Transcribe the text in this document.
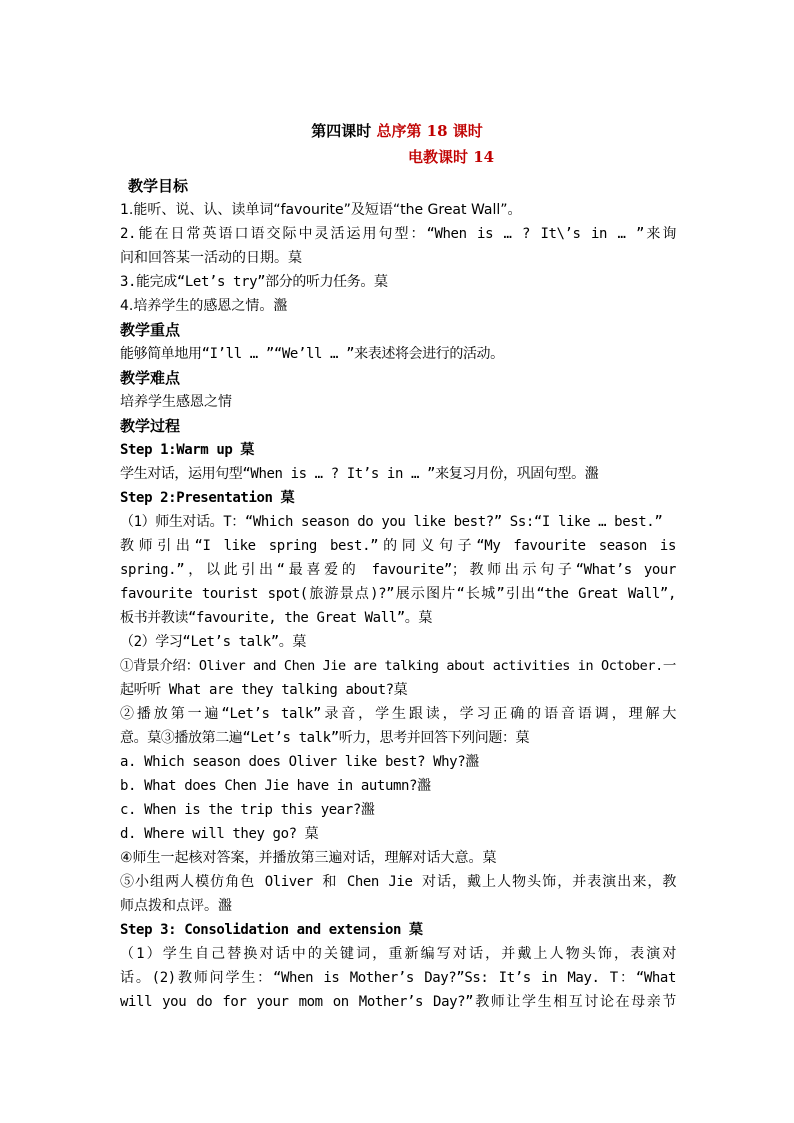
第四课时 总序第 18 课时
电教课时 14
教学目标
1.能听、说、认、读单词“favourite”及短语“the Great Wall”。
2.能在日常英语口语交际中灵活运用句型：“When is … ? It\’s in … ”来询
问和回答某一活动的日期。菒
3.能完成“Let’s try”部分的听力任务。菒
4.培养学生的感恩之情。瀊
教学重点
能够简单地用“I’ll … ”“We’ll … ”来表述将会进行的活动。
教学难点
培养学生感恩之情
教学过程
Step 1:Warm up 菒
学生对话，运用句型“When is … ? It’s in … ”来复习月份，巩固句型。瀊
Step 2:Presentation 菒
（1）师生对话。T：“Which season do you like best?” Ss:“I like … best.”
教师引出“I like spring best.”的同义句子“My favourite season is
spring.”，以此引出“最喜爱的 favourite”；教师出示句子“What’s your
favourite tourist spot(旅游景点)?”展示图片“长城”引出“the Great Wall”,
板书并教读“favourite, the Great Wall”。菒
（2）学习“Let’s talk”。菒
①背景介绍：Oliver and Chen Jie are talking about activities in October.一
起听听 What are they talking about?菒
②播放第一遍“Let’s talk”录音，学生跟读，学习正确的语音语调，理解大
意。菒③播放第二遍“Let’s talk”听力，思考并回答下列问题：菒
a. Which season does Oliver like best? Why?瀊
b. What does Chen Jie have in autumn?瀊
c. When is the trip this year?瀊
d. Where will they go? 菒
④师生一起核对答案，并播放第三遍对话，理解对话大意。菒
⑤小组两人模仿角色 Oliver 和 Chen Jie 对话，戴上人物头饰，并表演出来，教
师点拨和点评。瀊
Step 3: Consolidation and extension 菒
（1）学生自己替换对话中的关键词，重新编写对话，并戴上人物头饰，表演对
话。(2)教师问学生：“When is Mother’s Day?”Ss: It’s in May. T：“What
will you do for your mom on Mother’s Day?”教师让学生相互讨论在母亲节
